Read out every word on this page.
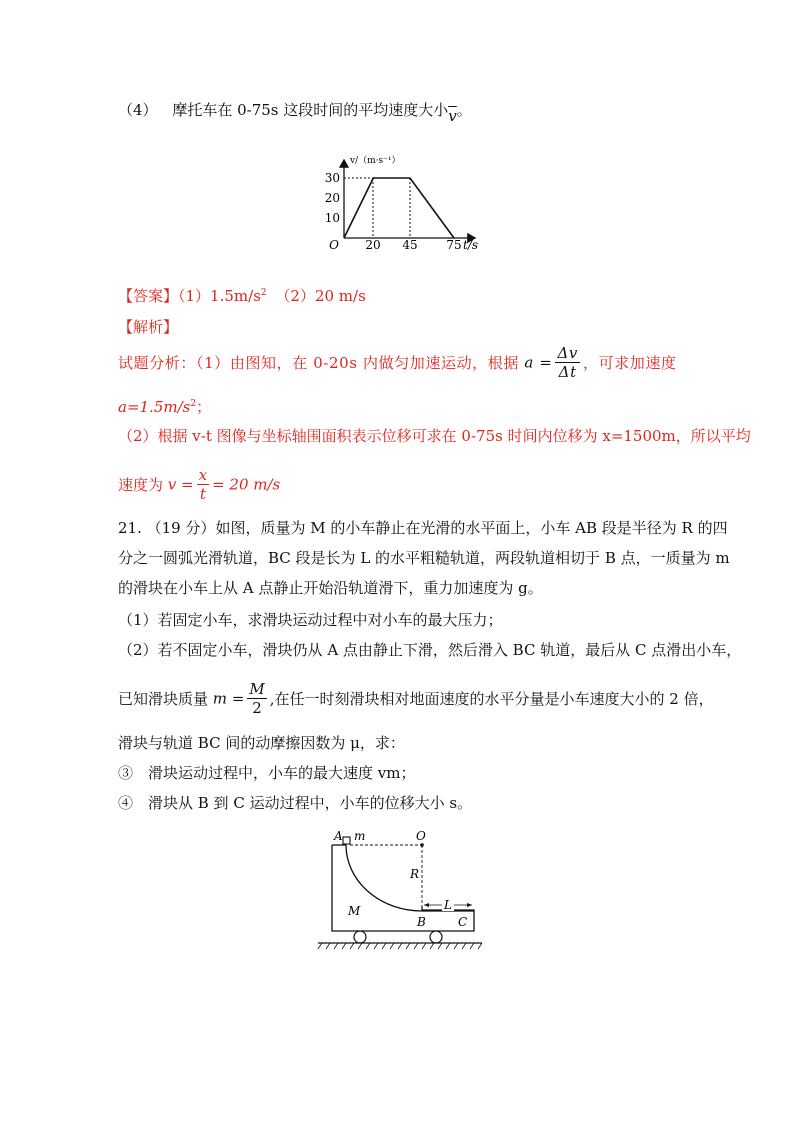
（4） 摩托车在 0-75s 这段时间的平均速度大小$\overline{v}$。
v/（m·s⁻¹）
30
20
10
O 20 45 75 t/s
【答案】$(1)1.5m/s^2$ （2）20 m/s
【解析】
试题分析：（1）由图知，在 0-20s 内做匀加速运动，根据 $a = \frac{\Delta v}{\Delta t}$ ，可求加速度
$a=1.5m/s^2$；
（2）根据 v-t 图像与坐标轴围面积表示位移可求在 0-75s 时间内位移为 x=1500m，所以平均
速度为 $v = \frac{x}{t} = 20$ m/s
21. （19 分）如图，质量为 M 的小车静止在光滑的水平面上，小车 AB 段是半径为 R 的四
分之一圆弧光滑轨道，BC 段是长为 L 的水平粗糙轨道，两段轨道相切于 B 点，一质量为 m
的滑块在小车上从 A 点静止开始沿轨道滑下，重力加速度为 g。
（1）若固定小车，求滑块运动过程中对小车的最大压力；
（2）若不固定小车，滑块仍从 A 点由静止下滑，然后滑入 BC 轨道，最后从 C 点滑出小车，
已知滑块质量 $m = \frac{M}{2}$ ,在任一时刻滑块相对地面速度的水平分量是小车速度大小的 2 倍，
滑块与轨道 BC 间的动摩擦因数为 μ，求：
③　滑块运动过程中，小车的最大速度 vm；
④　滑块从 B 到 C 运动过程中，小车的位移大小 s。
A m	O
R
M	L
B	C
